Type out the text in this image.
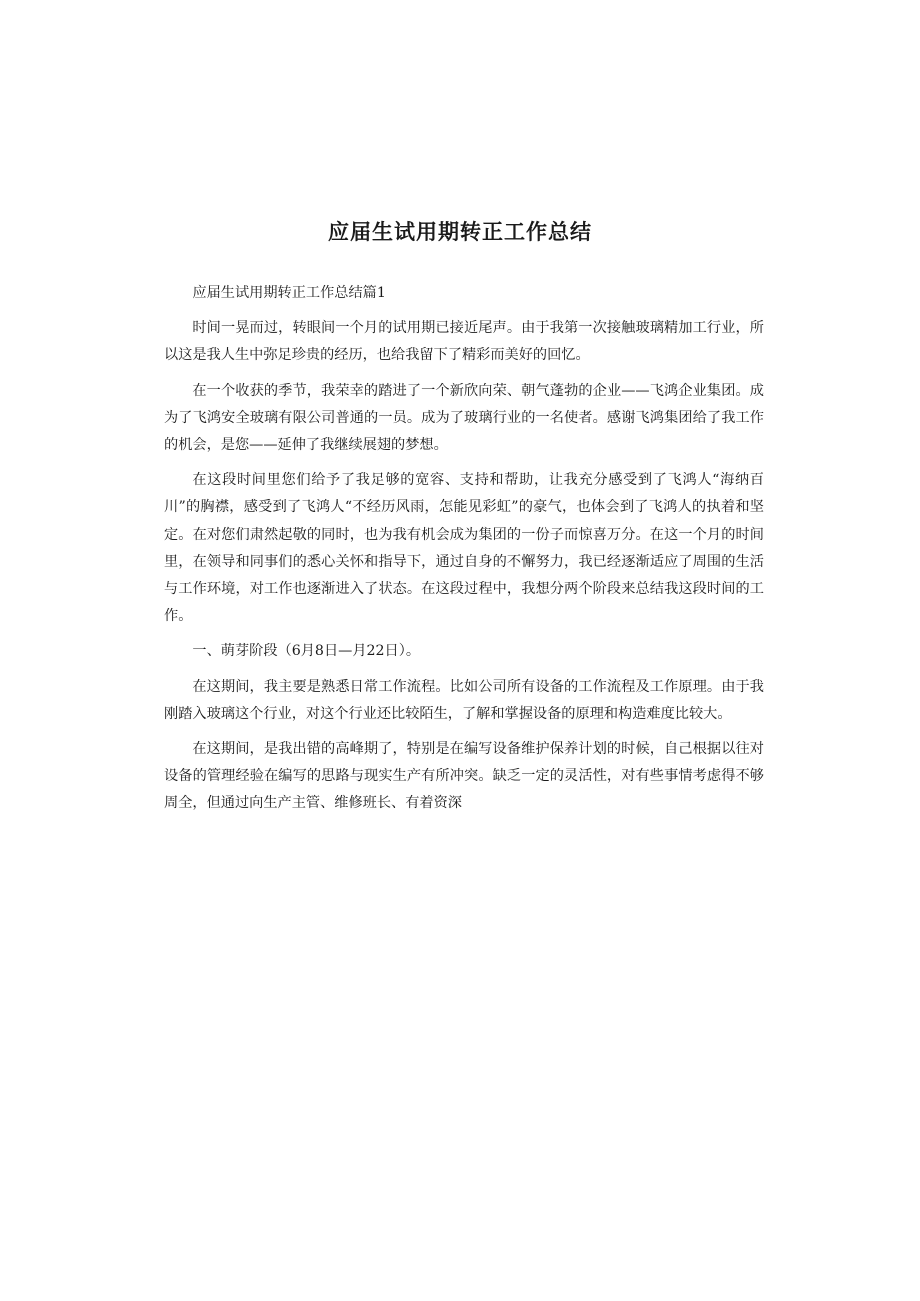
应届生试用期转正工作总结

应届生试用期转正工作总结篇1

时间一晃而过，转眼间一个月的试用期已接近尾声。由于我第一次接触玻璃精加工行业，所以这是我人生中弥足珍贵的经历，也给我留下了精彩而美好的回忆。

在一个收获的季节，我荣幸的踏进了一个新欣向荣、朝气蓬勃的企业——飞鸿企业集团。成为了飞鸿安全玻璃有限公司普通的一员。成为了玻璃行业的一名使者。感谢飞鸿集团给了我工作的机会，是您——延伸了我继续展翅的梦想。

在这段时间里您们给予了我足够的宽容、支持和帮助，让我充分感受到了飞鸿人“海纳百川”的胸襟，感受到了飞鸿人“不经历风雨，怎能见彩虹”的豪气，也体会到了飞鸿人的执着和坚定。在对您们肃然起敬的同时，也为我有机会成为集团的一份子而惊喜万分。在这一个月的时间里，在领导和同事们的悉心关怀和指导下，通过自身的不懈努力，我已经逐渐适应了周围的生活与工作环境，对工作也逐渐进入了状态。在这段过程中，我想分两个阶段来总结我这段时间的工作。

一、萌芽阶段（6月8日—月22日）。

在这期间，我主要是熟悉日常工作流程。比如公司所有设备的工作流程及工作原理。由于我刚踏入玻璃这个行业，对这个行业还比较陌生，了解和掌握设备的原理和构造难度比较大。

在这期间，是我出错的高峰期了，特别是在编写设备维护保养计划的时候，自己根据以往对设备的管理经验在编写的思路与现实生产有所冲突。缺乏一定的灵活性，对有些事情考虑得不够周全，但通过向生产主管、维修班长、有着资深
